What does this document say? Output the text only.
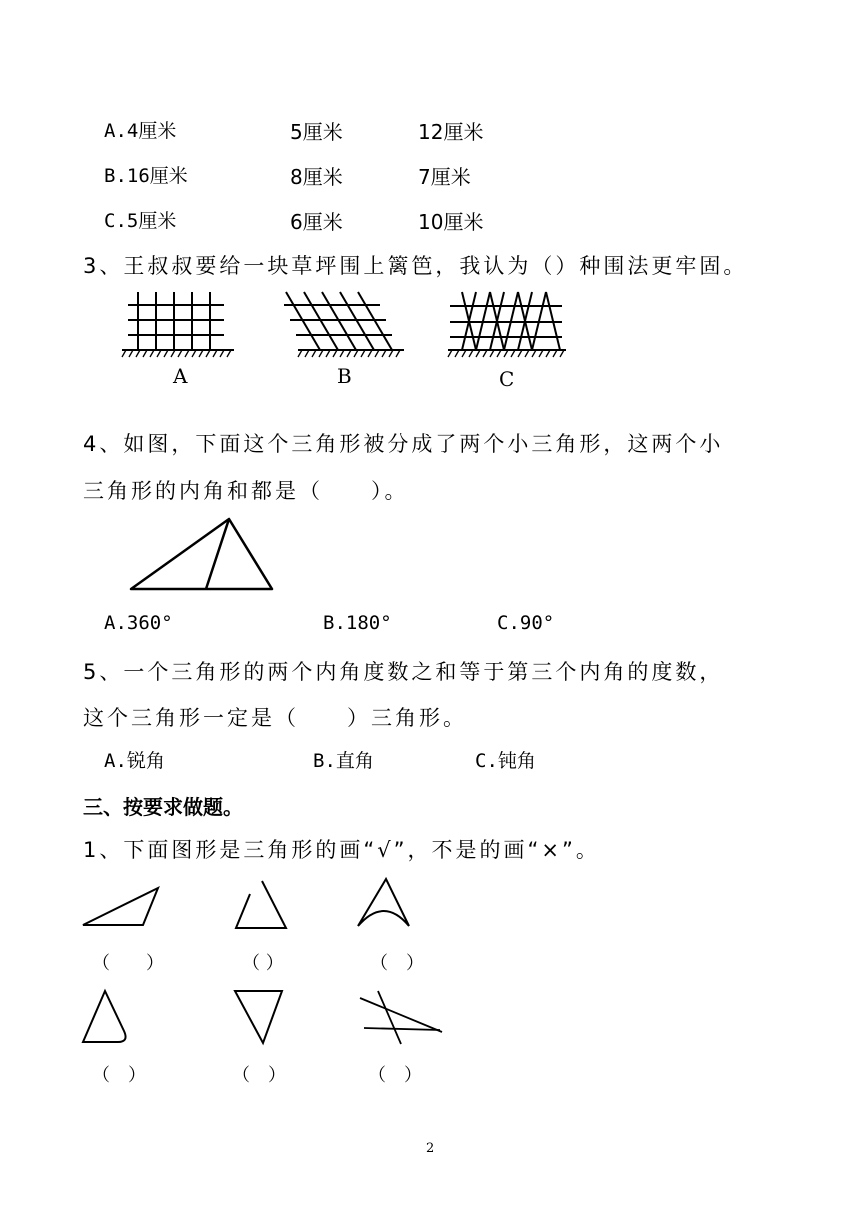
A.4厘米	5厘米	12厘米
B.16厘米	8厘米	7厘米
C.5厘米	6厘米	10厘米
3、王叔叔要给一块草坪围上篱笆，我认为（）种围法更牢固。
A	B	C
4、如图，下面这个三角形被分成了两个小三角形，这两个小
三角形的内角和都是（　　）。
A.360°	B.180°	C.90°
5、一个三角形的两个内角度数之和等于第三个内角的度数，
这个三角形一定是（　　）三角形。
A.锐角	B.直角	C.钝角
三、按要求做题。
1、下面图形是三角形的画“√”，不是的画“×”。
（　　）	（ ）	（　）
（　）	（　）	（　）
2
